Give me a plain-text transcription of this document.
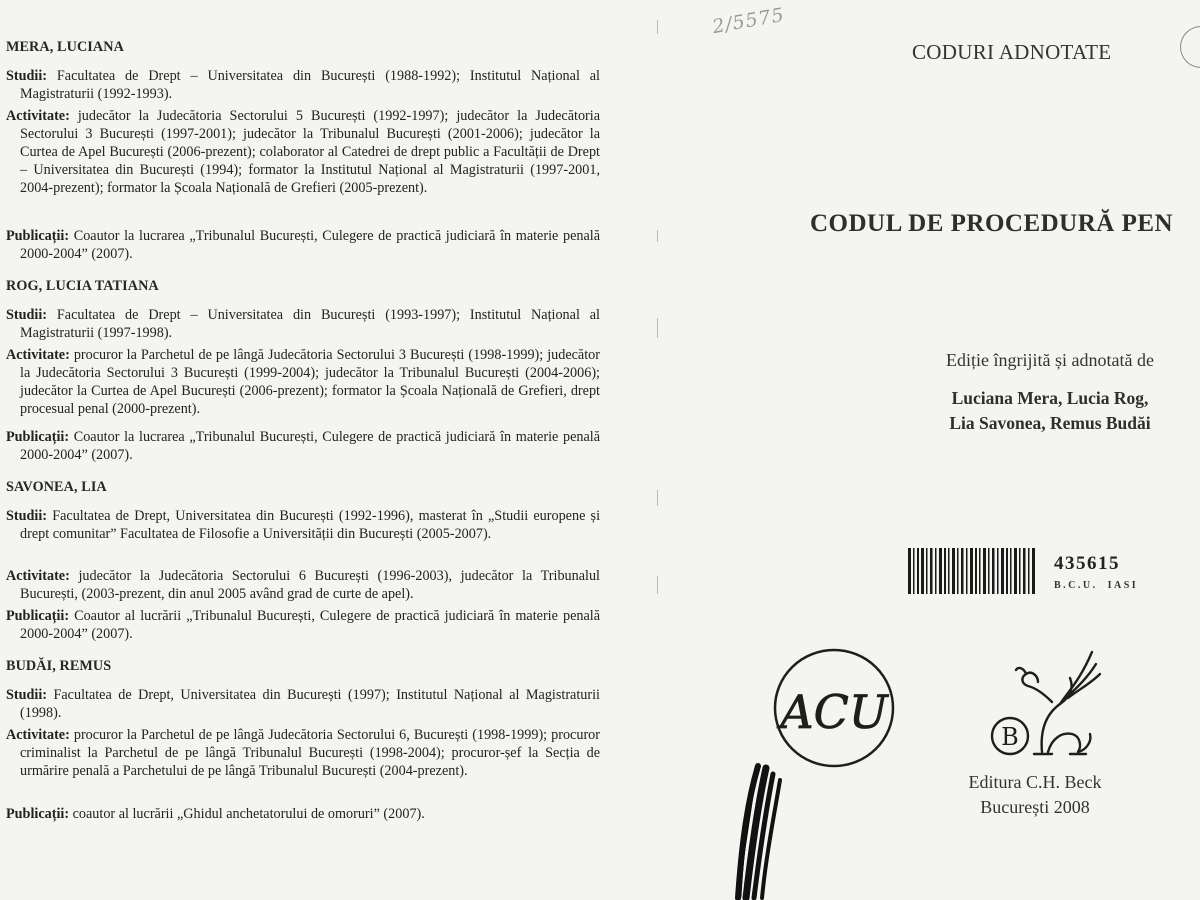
MERA, LUCIANA
Studii: Facultatea de Drept – Universitatea din București (1988-1992); Institutul Național al Magistraturii (1992-1993).
Activitate: judecător la Judecătoria Sectorului 5 București (1992-1997); judecător la Judecătoria Sectorului 3 București (1997-2001); judecător la Tribunalul București (2001-2006); judecător la Curtea de Apel București (2006-prezent); colaborator al Catedrei de drept public a Facultății de Drept – Universitatea din București (1994); formator la Institutul Național al Magistraturii (1997-2001, 2004-prezent); formator la Școala Națională de Grefieri (2005-prezent).
Publicații: Coautor la lucrarea „Tribunalul București, Culegere de practică judiciară în materie penală 2000-2004” (2007).
ROG, LUCIA TATIANA
Studii: Facultatea de Drept – Universitatea din București (1993-1997); Institutul Național al Magistraturii (1997-1998).
Activitate: procuror la Parchetul de pe lângă Judecătoria Sectorului 3 București (1998-1999); judecător la Judecătoria Sectorului 3 București (1999-2004); judecător la Tribunalul București (2004-2006); judecător la Curtea de Apel București (2006-prezent); formator la Școala Națională de Grefieri, drept procesual penal (2000-prezent).
Publicații: Coautor la lucrarea „Tribunalul București, Culegere de practică judiciară în materie penală 2000-2004” (2007).
SAVONEA, LIA
Studii: Facultatea de Drept, Universitatea din București (1992-1996), masterat în „Studii europene și drept comunitar” Facultatea de Filosofie a Universității din București (2005-2007).
Activitate: judecător la Judecătoria Sectorului 6 București (1996-2003), judecător la Tribunalul București, (2003-prezent, din anul 2005 având grad de curte de apel).
Publicații: Coautor al lucrării „Tribunalul București, Culegere de practică judiciară în materie penală 2000-2004” (2007).
BUDĂI, REMUS
Studii: Facultatea de Drept, Universitatea din București (1997); Institutul Național al Magistraturii (1998).
Activitate: procuror la Parchetul de pe lângă Judecătoria Sectorului 6, București (1998-1999); procuror criminalist la Parchetul de pe lângă Tribunalul București (1998-2004); procuror-șef la Secția de urmărire penală a Parchetului de pe lângă Tribunalul București (2004-prezent).
Publicații: coautor al lucrării „Ghidul anchetatorului de omoruri” (2007).
2/5575
CODURI ADNOTATE
CODUL DE PROCEDURĂ PEN
Ediție îngrijită și adnotată de
Luciana Mera, Lucia Rog,
Lia Savonea, Remus Budăi
435615
B.C.U.  IASI
ACU	B
Editura C.H. Beck
București 2008
